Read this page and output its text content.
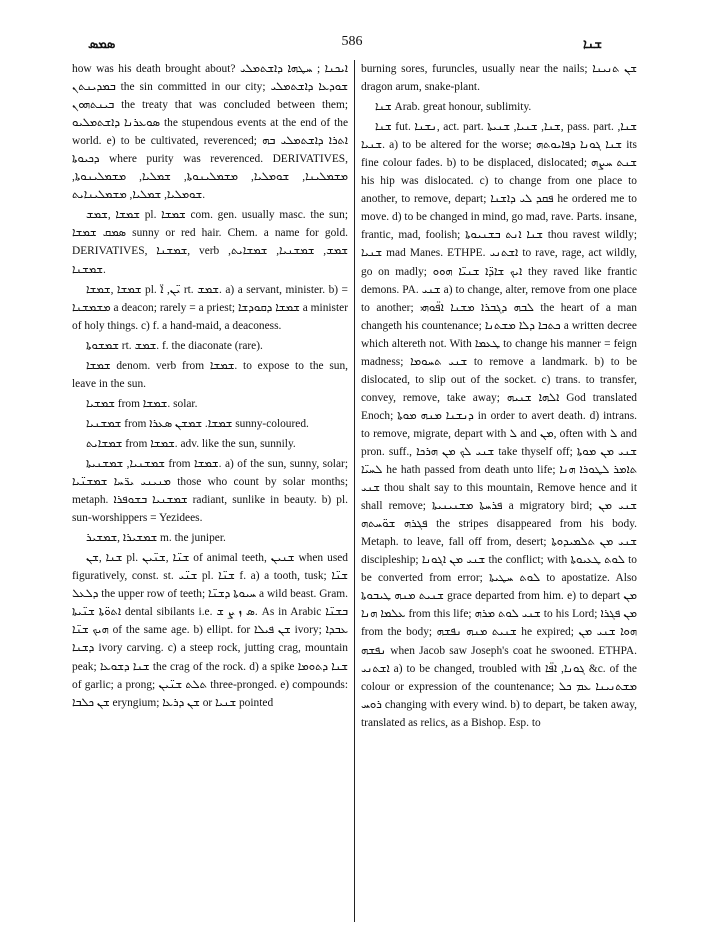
ܣܡܣ	586	ܫܢܐ

how was his death brought about? ܐܝܟܢܐ ; ܚܛܗܐ ܕܐܫܬܡܠܝ ܒܡܕܝܢܬܢ the sin committed in our city; ܫܘܕܥܐ ܕܐܫܬܡܠܝ ܒܝܢܬܗܘܢ the treaty that was concluded between them; ܣܘܥܪܢܐ ܕܐܫܬܡܠܝܘ the stupendous events at the end of the world. e) to be cultivated, reverenced; ܐܬܪܐ ܕܐܫܬܡܠܝ ܒܗ ܕܟܝܘܬܐ where purity was reverenced. DERIVATIVES, ܡܫܡܠܝܢܐ, ܫܘܡܠܝܐ, ܡܫܡܠܝܢܘܬܐ, ܫܡܠܝܐ, ܡܫܡܠܝܢܘܬܐ, ܫܘܡܠܝܐ, ܫܡܠܝܐ, ܡܫܡܠܝܢܐܝܬ.

ܫܡܫܐ ,ܫܡܫ pl. ܫܡܫܐ com. gen. usually masc. the sun; ܣܡܩ ܫܡܫܐ sunny or red hair. Chem. a name for gold. DERIVATIVES, ܫܡܫܢܐ, verb ܫܡܫ, ܫܡܫܢܝܐ, ܫܡܫܐܝܬ, ܫܡܫܢܐ.

ܫܡܫܐ ,ܫܡܫܐ pl. ܝ̈ܢ, ܐ̈ rt. ܫܡܫ. a) a servant, minister. b) = ܡܫܡܫܢܐ a deacon; rarely = a priest; ܫܡܫܐ ܕܩܘܕܫܐ a minister of holy things. c) f. a hand-maid, a deaconess.

ܫܡܫܘܬܐ rt. ܫܡܫ. f. the diaconate (rare).

ܫܡܫܐ denom. verb from ܫܡܫܐ. to expose to the sun, leave in the sun.

ܫܡܫܝܐ from ܫܡܫܐ. solar.

ܫܡܫܢܝܐ from ܫܡܫܐ. ܫܡܫܢ ܣܥܪܐ sunny-coloured.

ܫܡܫܐܝܬ from ܫܡܫܐ. adv. like the sun, sunnily.

ܫܡܫܢܝܐ, ܫܡܫܢܝܬܐ from ܫܡܫܐ. a) of the sun, sunny, solar; ܡܢܝܢܝ ܝܪ̈ܚܐ ܫܡܫܢ̈ܝܐ those who count by solar months; metaph. ܫܡܫܢܝܐ ܒܫܘܦܪܐ radiant, sunlike in beauty. b) pl. sun-worshippers = Yezidees.

ܫܡܫܝܪܐ ,ܫܡܫܝܪ m. the juniper.

ܫܢܐ ,ܫܢ pl. ܫܢ̈ܐ ,ܫܢ̈ܝܢ of animal teeth, ܫܢܝܢ when used figuratively, const. st. ܫܢ̈ܝ pl. ܫܢ̈ܐ f. a) a tooth, tusk; ܫܢ̈ܐ ܕܠܥܠ the upper row of teeth; ܚܝܘܬܐ ܕܫܢ̈ܐ a wild beast. Gram. ܐܬܘ̈ܬܐ ܫܢ̈ܝܬܐ dental sibilants i.e. ܣ ܙ ܨ ܫ. As in Arabic ܒܫܢ̈ܐ ܗܝܟ ܫܢ̈ܐ of the same age. b) ellipt. for ܫܢ ܦܝܠܐ ivory; ܥܒܕܐ ܕܫܢܐ ivory carving. c) a steep rock, jutting crag, mountain peak; ܫܢܐ ܕܫܘܥܐ the crag of the rock. d) a spike ܫܢܐ ܕܬܘܡܐ of garlic; a prong; ܬܠܬ ܫܢ̈ܝܢ three-pronged. e) compounds: ܫܢ ܟܠܒܐ eryngium; ܫܢ ܕܪܥܐ or ܫܢܝܐ pointed

burning sores, furuncles, usually near the nails; ܫܢ ܬܢܝܢܐ dragon arum, snake-plant.

ܫܢܐ Arab. great honour, sublimity.

ܫܢܐ fut. ܢܫܢܐ, act. part. ܫܢܐ, ܫܢܝܐ, ܫܢܝܬܐ, pass. part. ܫܢܐ, ܫܢܝܐ. a) to be altered for the worse; ܫܢܐ ܓܘܢܐ ܕܦܐܝܘܬܗ its fine colour fades. b) to be displaced, dislocated; ܫܢܬ ܚܨܗ his hip was dislocated. c) to change from one place to another, to remove, depart; ܦܩܕ ܠܝ ܕܐܫܢܐ he ordered me to move. d) to be changed in mind, go mad, rave. Parts. insane, frantic, mad, foolish; ܫܢܐ ܐܢܬ ܒܫܢܝܘܬܐ thou ravest wildly; ܫܢܝܐ mad Manes. ETHPE. ܐܫܬܢܝ to rave, rage, act wildly, go on madly; ܐܝܟ ܫܐܕ̈ܐ ܫܢܝ̈ܐ ܗܘܘ they raved like frantic demons. PA. ܫܢܝ a) to change, alter, remove from one place to another; ܠܒܗ ܕܓܒܪܐ ܡܫܢܐ ܐܦ̈ܘܗܝ the heart of a man changeth his countenance; ܟܬܒܐ ܕܠܐ ܡܫܬܢܐ a written decree which altereth not. With ܛܥܡܐ to change his manner = feign madness; ܫܢܝ ܬܚܘܡܐ to remove a landmark. b) to be dislocated, to slip out of the socket. c) trans. to transfer, convey, remove, take away; ܐܠܗܐ ܫܢܝܗ God translated Enoch; ܕܢܫܢܐ ܡܢܗ ܡܘܬܐ in order to avert death. d) intrans. to remove, migrate, depart with ܠ and ܡܢ, often with ܠ and pron. suff., ܫܢܝ ܠܟ ܡܢ ܗܪܟܐ take thyself off; ܫܢܝ ܡܢ ܡܘܬܐ ܠܚܝ̈ܐ he hath passed from death unto life; ܬܐܡܪ ܠܛܘܪܐ ܗܢܐ ܫܢܝ thou shalt say to this mountain, Remove hence and it shall remove; ܦܪܚܬܐ ܡܫܢܝܢܝܬܐ a migratory bird; ܫܢܝ ܡܢ ܦܓܪܗ ܫܘ̈ܚܬܗ the stripes disappeared from his body. Metaph. to leave, fall off from, desert; ܫܢܝ ܡܢ ܬܠܡܝܕܘܬܐ discipleship; ܫܢܝ ܡܢ ܐܓܘܢܐ the conflict; with ܠܘܬ ܛܥܝܘܬܐ to be converted from error; ܠܘܬ ܚܛܝܬܐ to apostatize. Also ܫܢܝܬ ܡܢܗ ܛܝܒܘܬܐ grace departed from him. e) to depart ܡܢ ܥܠܡܐ ܗܢܐ from this life; ܫܢܝ ܠܘܬ ܡܪܗ to his Lord; ܡܢ ܦܓܪܐ from the body; ܫܢܝܬ ܡܢܗ ܢܦܫܗ he expired; ܗܘܐ ܫܢܝ ܡܢ ܢܦܫܗ when Jacob saw Joseph's coat he swooned. ETHPA. ܐܫܬܢܝ a) to be changed, troubled with ܓܘܢܐ, ܐܦ̈ܐ &c. of the colour or expression of the countenance; ܡܫܬܢܝܢܐ ܥܡ ܟܠ ܪܘܚ changing with every wind. b) to depart, be taken away, translated as relics, as a Bishop. Esp. to
